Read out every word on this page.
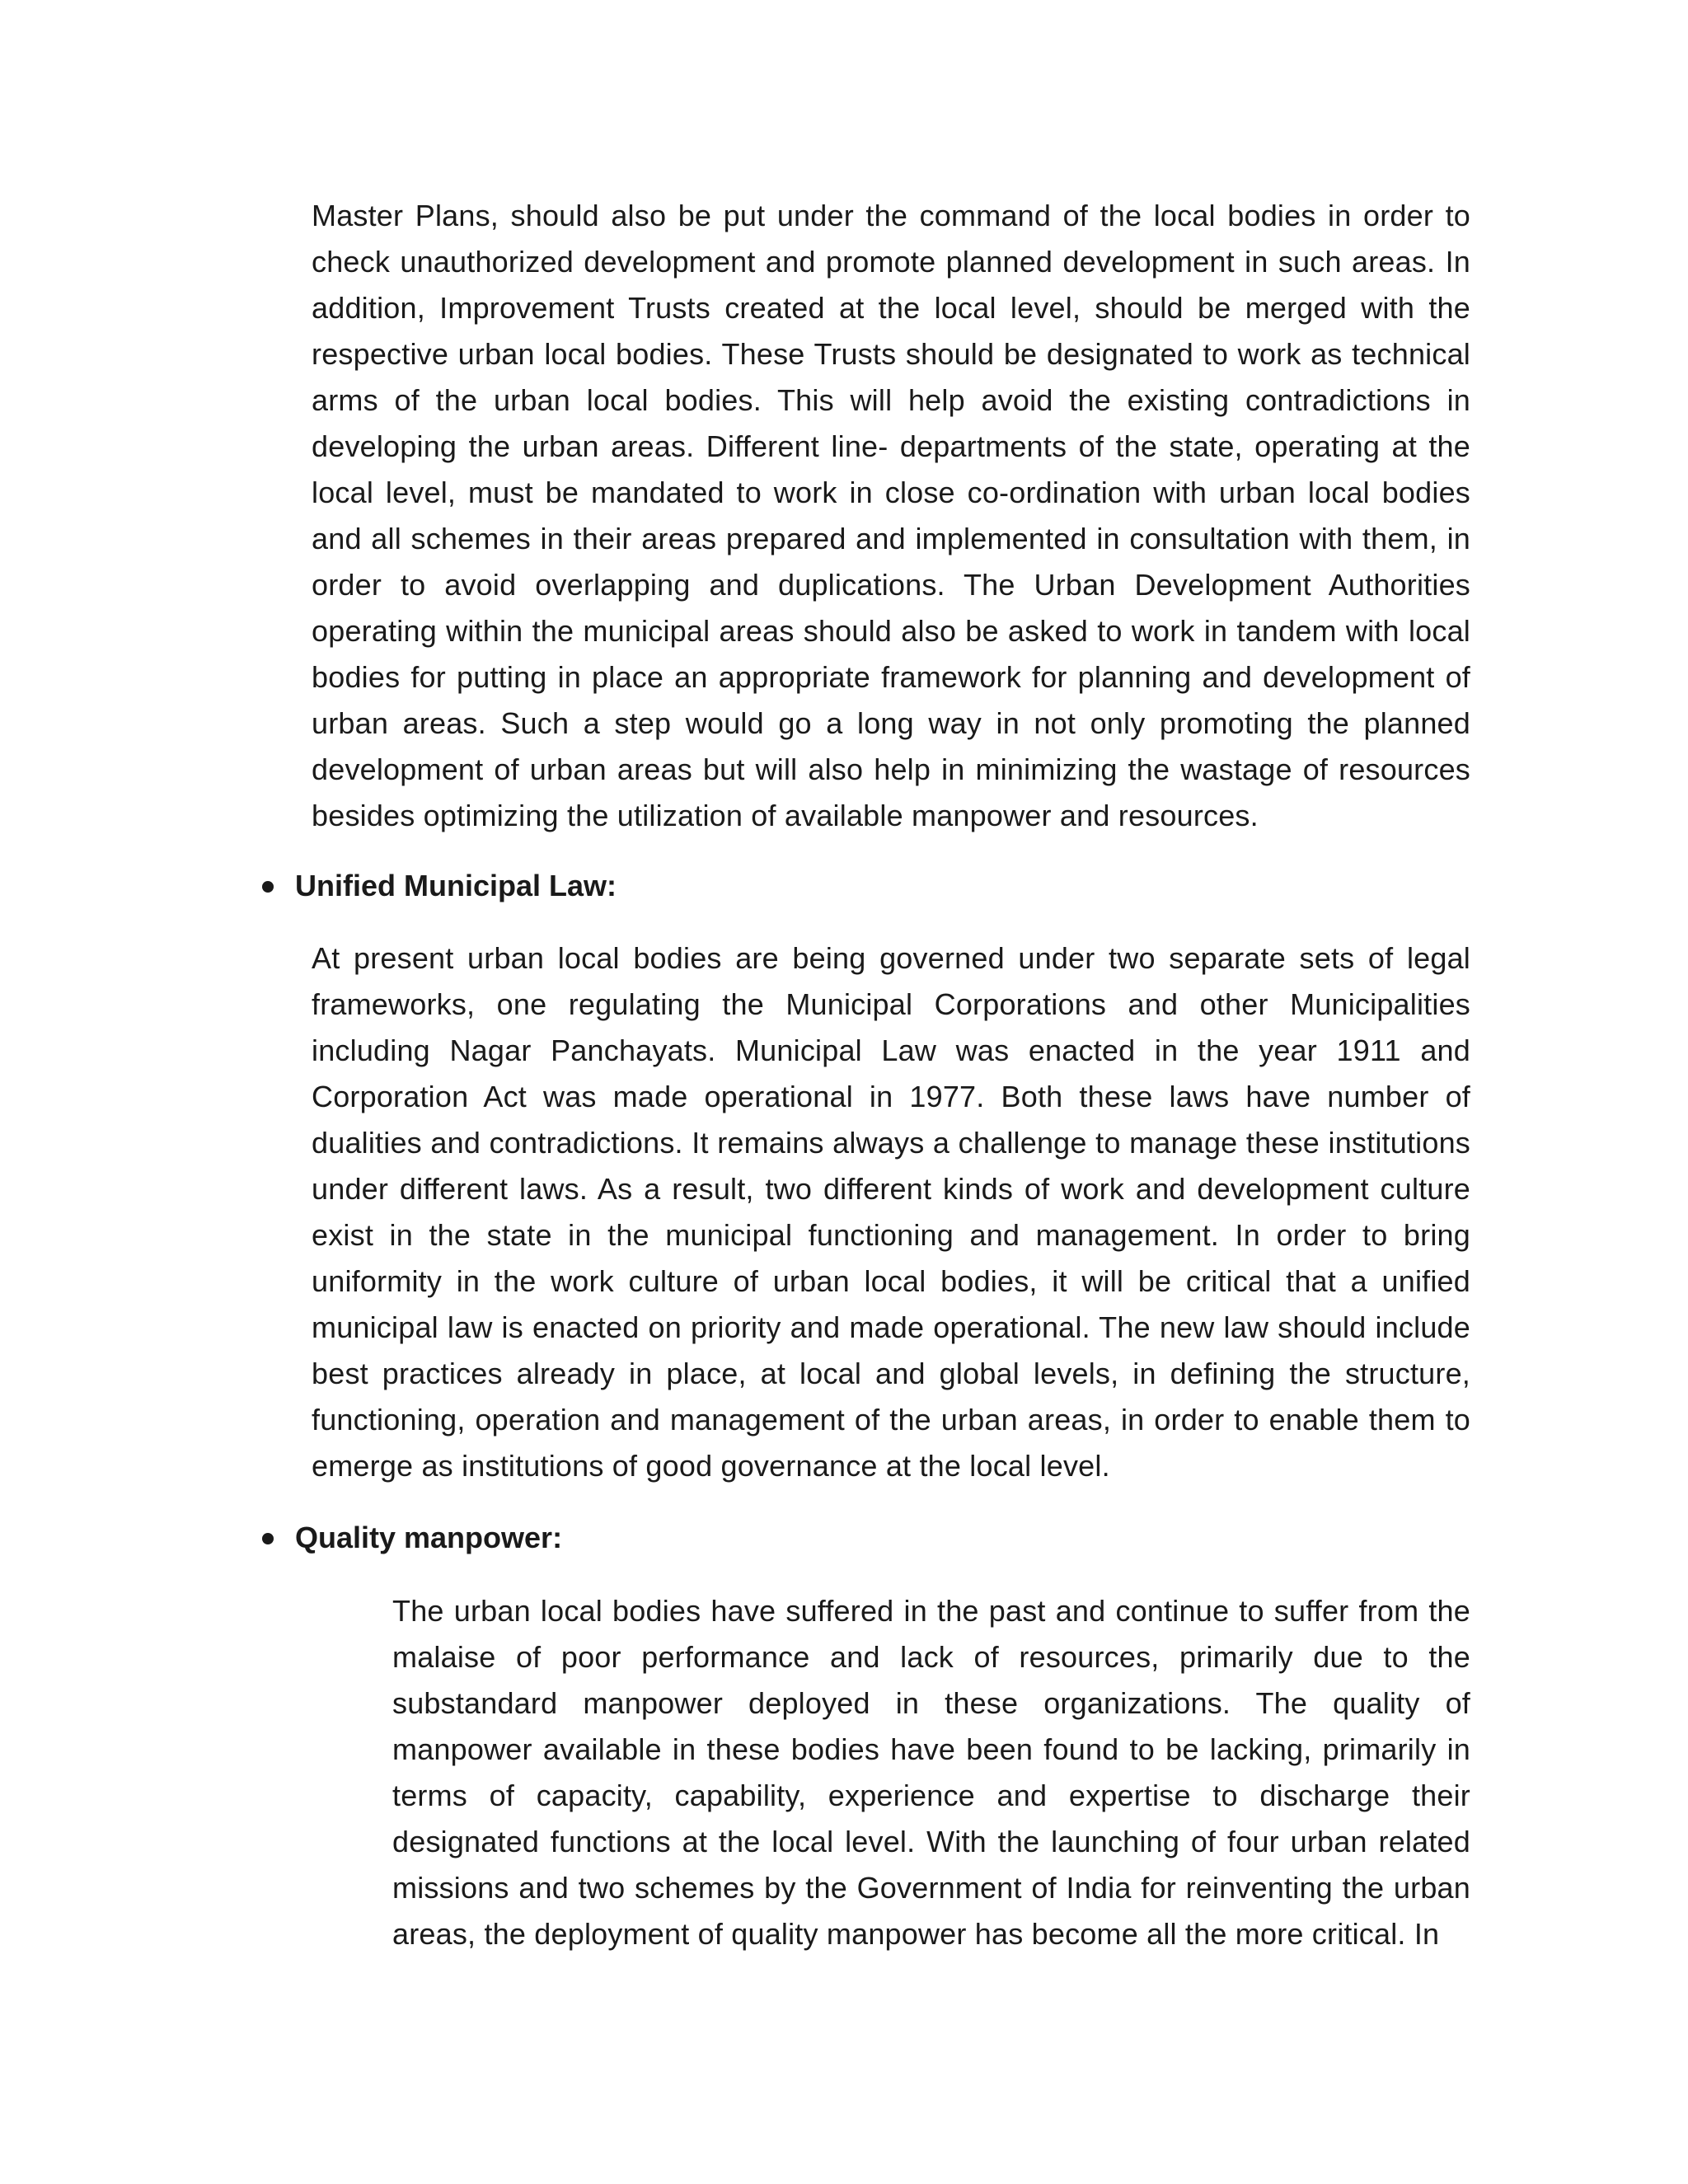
Master Plans, should also be put under the command of the local bodies in order to check unauthorized development and promote planned development in such areas. In addition, Improvement Trusts created at the local level, should be merged with the respective urban local bodies. These Trusts should be designated to work as technical arms of the urban local bodies. This will help avoid the existing contradictions in developing the urban areas. Different line- departments of the state, operating at the local level, must be mandated to work in close co-ordination with urban local bodies and all schemes in their areas prepared and implemented in consultation with them, in order to avoid overlapping and duplications. The Urban Development Authorities operating within the municipal areas should also be asked to work in tandem with local bodies for putting in place an appropriate framework for planning and development of urban areas. Such a step would go a long way in not only promoting the planned development of urban areas but will also help in minimizing the wastage of resources besides optimizing the utilization of available manpower and resources.

Unified Municipal Law:

At present urban local bodies are being governed under two separate sets of legal frameworks, one regulating the Municipal Corporations and other Municipalities including Nagar Panchayats. Municipal Law was enacted in the year 1911 and Corporation Act was made operational in 1977. Both these laws have number of dualities and contradictions. It remains always a challenge to manage these institutions under different laws. As a result, two different kinds of work and development culture exist in the state in the municipal functioning and management. In order to bring uniformity in the work culture of urban local bodies, it will be critical that a unified municipal law is enacted on priority and made operational. The new law should include best practices already in place, at local and global levels, in defining the structure, functioning, operation and management of the urban areas, in order to enable them to emerge as institutions of good governance at the local level.

Quality manpower:

The urban local bodies have suffered in the past and continue to suffer from the malaise of poor performance and lack of resources, primarily due to the substandard manpower deployed in these organizations. The quality of manpower available in these bodies have been found to be lacking, primarily in terms of capacity, capability, experience and expertise to discharge their designated functions at the local level. With the launching of four urban related missions and two schemes by the Government of India for reinventing the urban areas, the deployment of quality manpower has become all the more critical. In
